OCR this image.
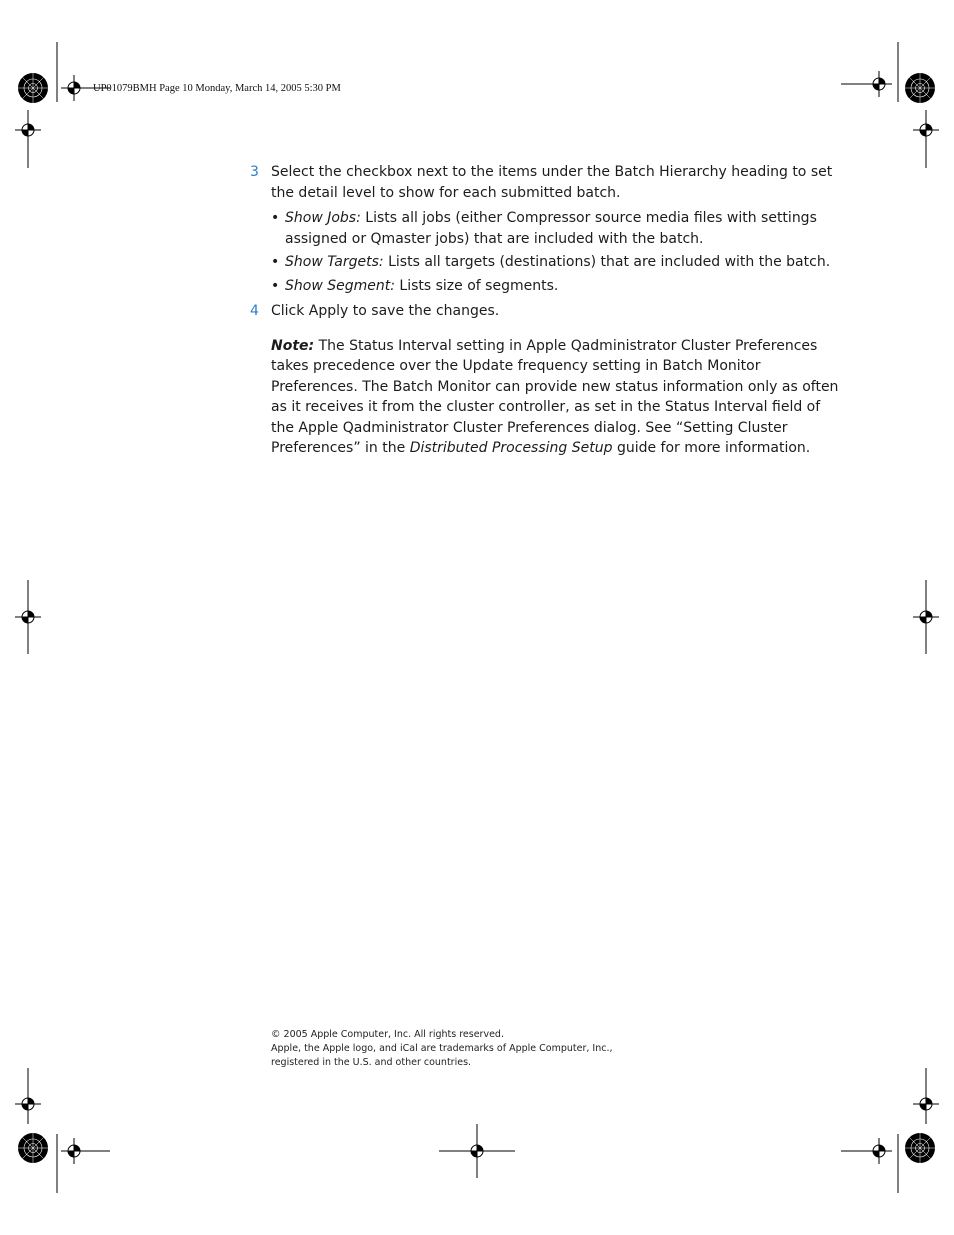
UP01079BMH Page 10 Monday, March 14, 2005 5:30 PM
3 Select the checkbox next to the items under the Batch Hierarchy heading to set the detail level to show for each submitted batch.
• Show Jobs: Lists all jobs (either Compressor source media files with settings assigned or Qmaster jobs) that are included with the batch.
• Show Targets: Lists all targets (destinations) that are included with the batch.
• Show Segment: Lists size of segments.
4 Click Apply to save the changes.

Note: The Status Interval setting in Apple Qadministrator Cluster Preferences takes precedence over the Update frequency setting in Batch Monitor Preferences. The Batch Monitor can provide new status information only as often as it receives it from the cluster controller, as set in the Status Interval field of the Apple Qadministrator Cluster Preferences dialog. See “Setting Cluster Preferences” in the Distributed Processing Setup guide for more information.

© 2005 Apple Computer, Inc. All rights reserved.
Apple, the Apple logo, and iCal are trademarks of Apple Computer, Inc.,
registered in the U.S. and other countries.
